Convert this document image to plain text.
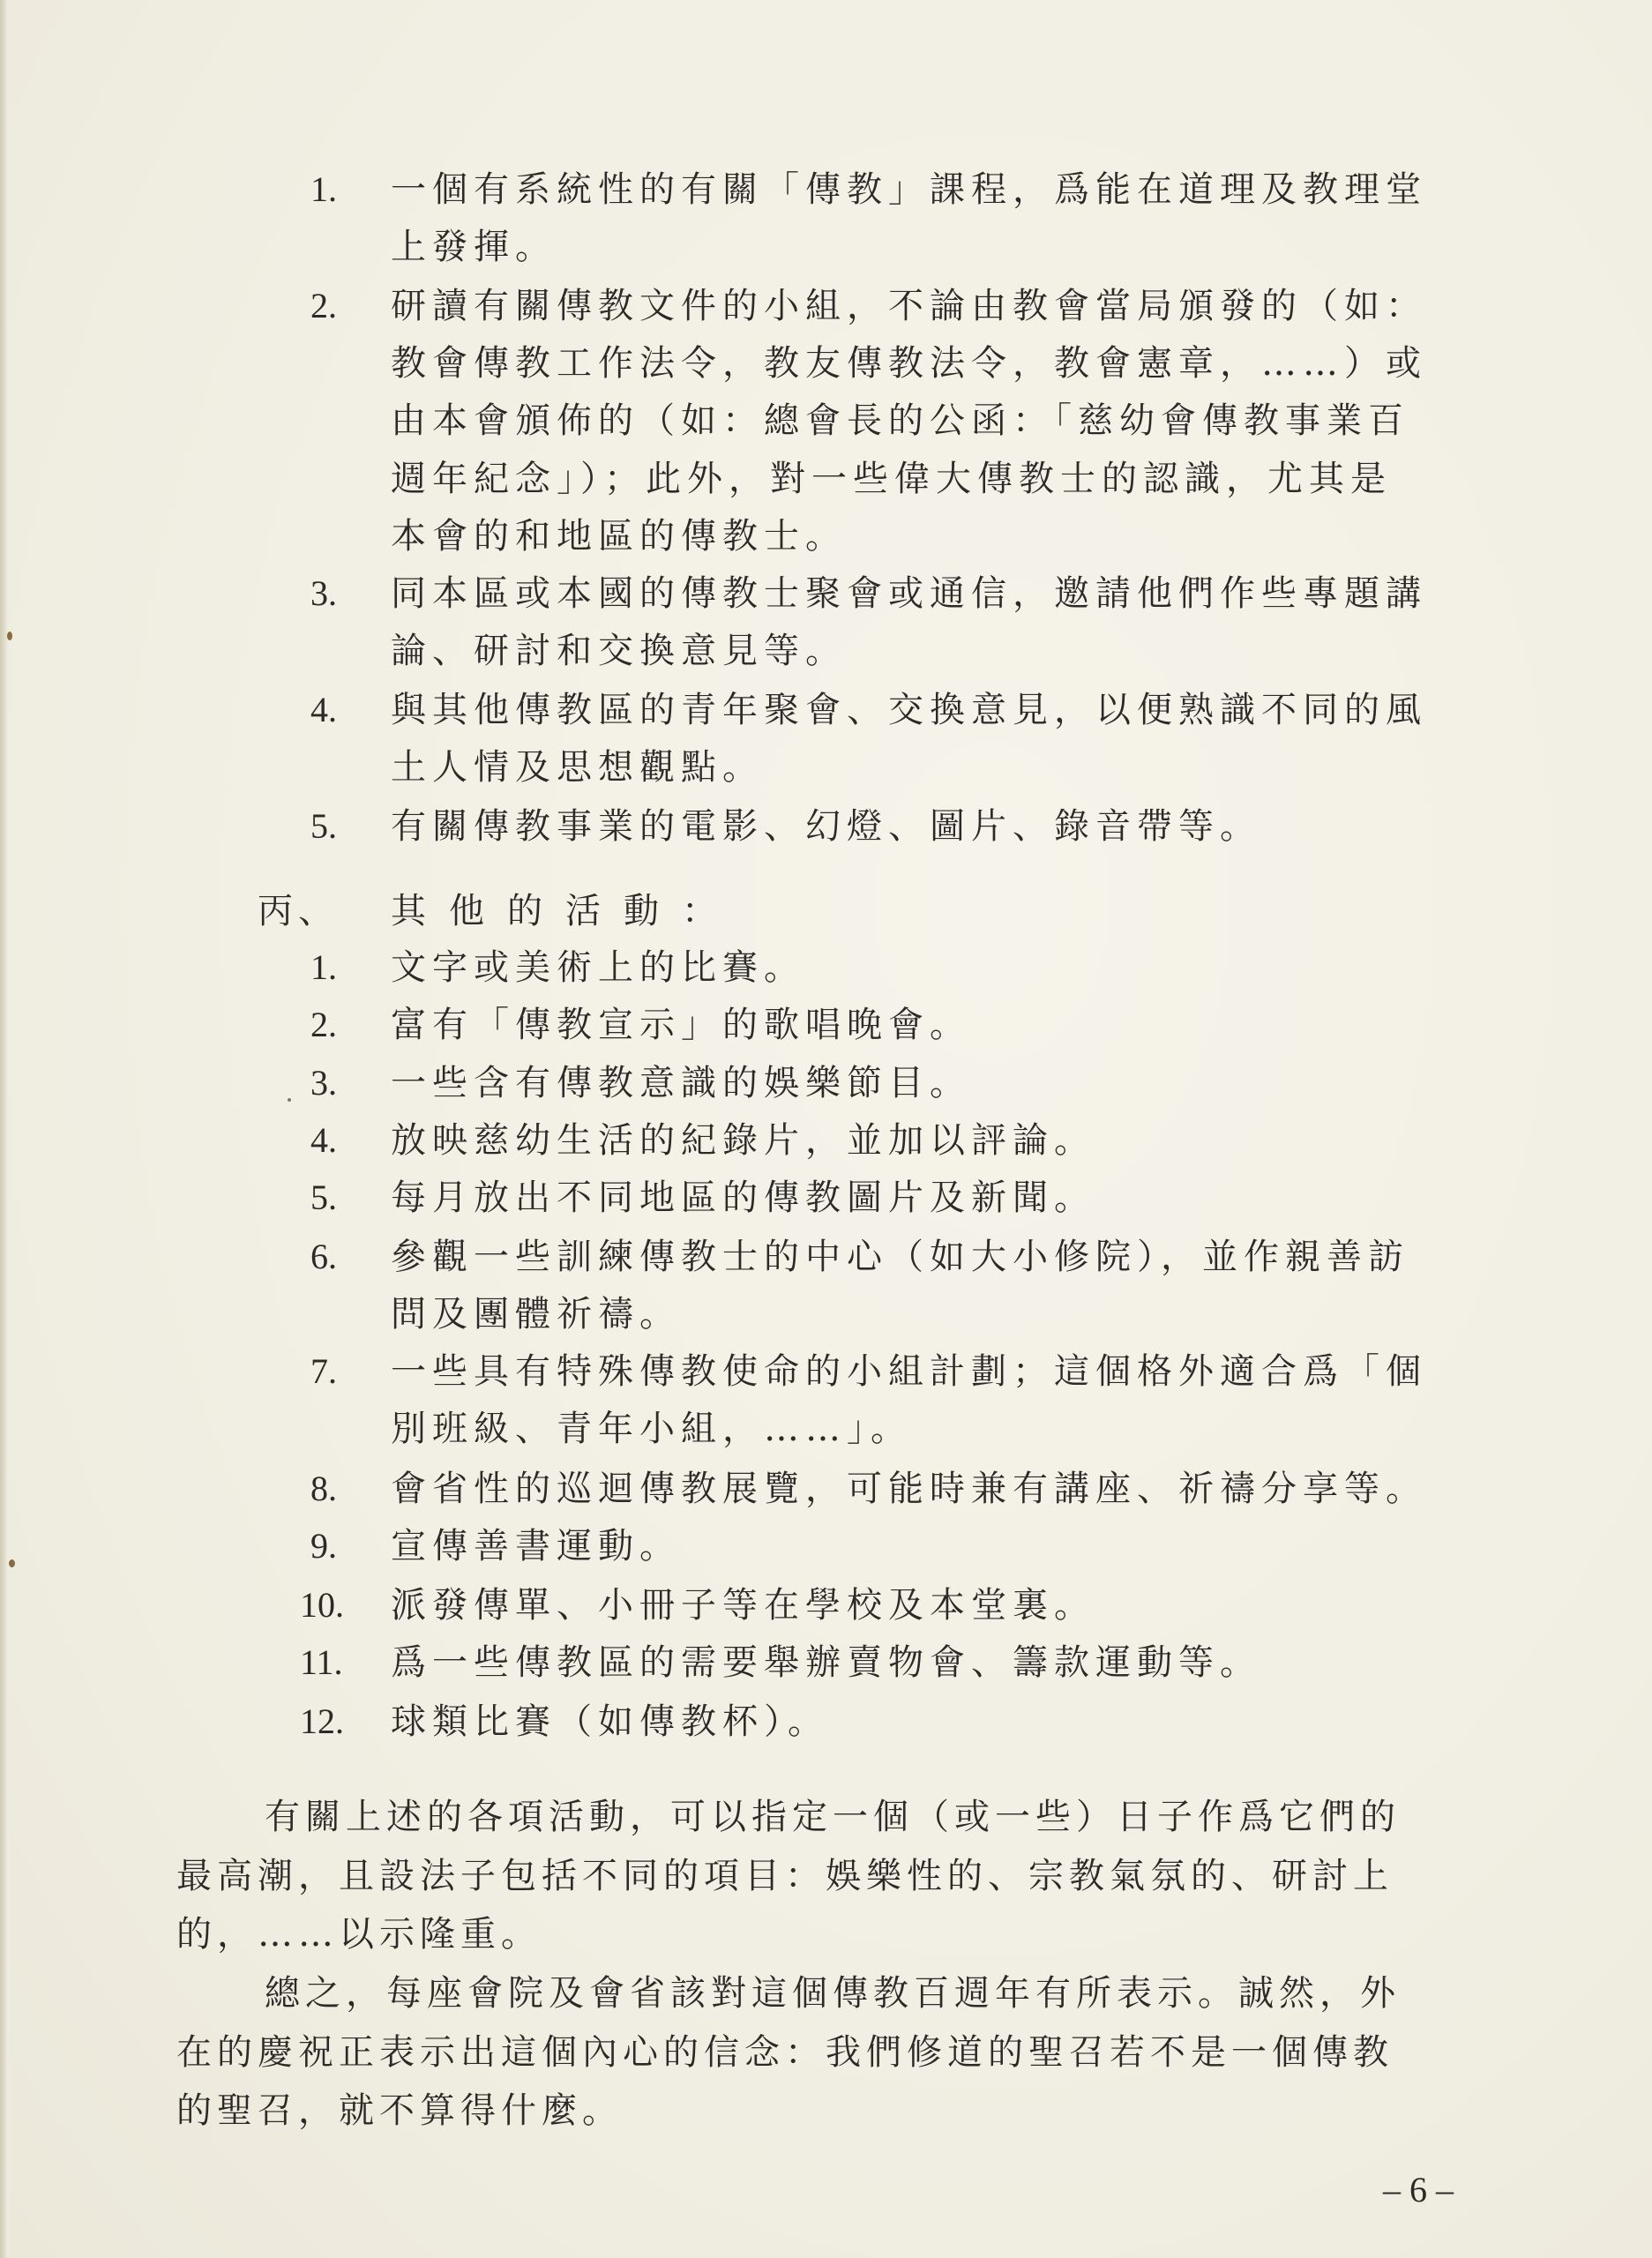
1. 一個有系統性的有關「傳教」課程，爲能在道理及教理堂
上發揮。
2. 研讀有關傳教文件的小組，不論由教會當局頒發的（如：
教會傳教工作法令，教友傳教法令，教會憲章，……）或
由本會頒佈的（如：總會長的公函：「慈幼會傳教事業百
週年紀念」）；此外，對一些偉大傳教士的認識，尤其是
本會的和地區的傳教士。
3. 同本區或本國的傳教士聚會或通信，邀請他們作些專題講
論、研討和交換意見等。
4. 與其他傳教區的青年聚會、交換意見，以便熟識不同的風
土人情及思想觀點。
5. 有關傳教事業的電影、幻燈、圖片、錄音帶等。
丙、 其他的活動：
1. 文字或美術上的比賽。
2. 富有「傳教宣示」的歌唱晚會。
3. 一些含有傳教意識的娛樂節目。
4. 放映慈幼生活的紀錄片，並加以評論。
5. 每月放出不同地區的傳教圖片及新聞。
6. 參觀一些訓練傳教士的中心（如大小修院），並作親善訪
問及團體祈禱。
7. 一些具有特殊傳教使命的小組計劃；這個格外適合爲「個
別班級、青年小組，……」。
8. 會省性的巡迴傳教展覽，可能時兼有講座、祈禱分享等。
9. 宣傳善書運動。
10. 派發傳單、小冊子等在學校及本堂裏。
11. 爲一些傳教區的需要舉辦賣物會、籌款運動等。
12. 球類比賽（如傳教杯）。
有關上述的各項活動，可以指定一個（或一些）日子作爲它們的
最高潮，且設法子包括不同的項目：娛樂性的、宗教氣氛的、研討上
的，……以示隆重。
總之，每座會院及會省該對這個傳教百週年有所表示。誠然，外
在的慶祝正表示出這個內心的信念：我們修道的聖召若不是一個傳教
的聖召，就不算得什麼。
– 6 –
